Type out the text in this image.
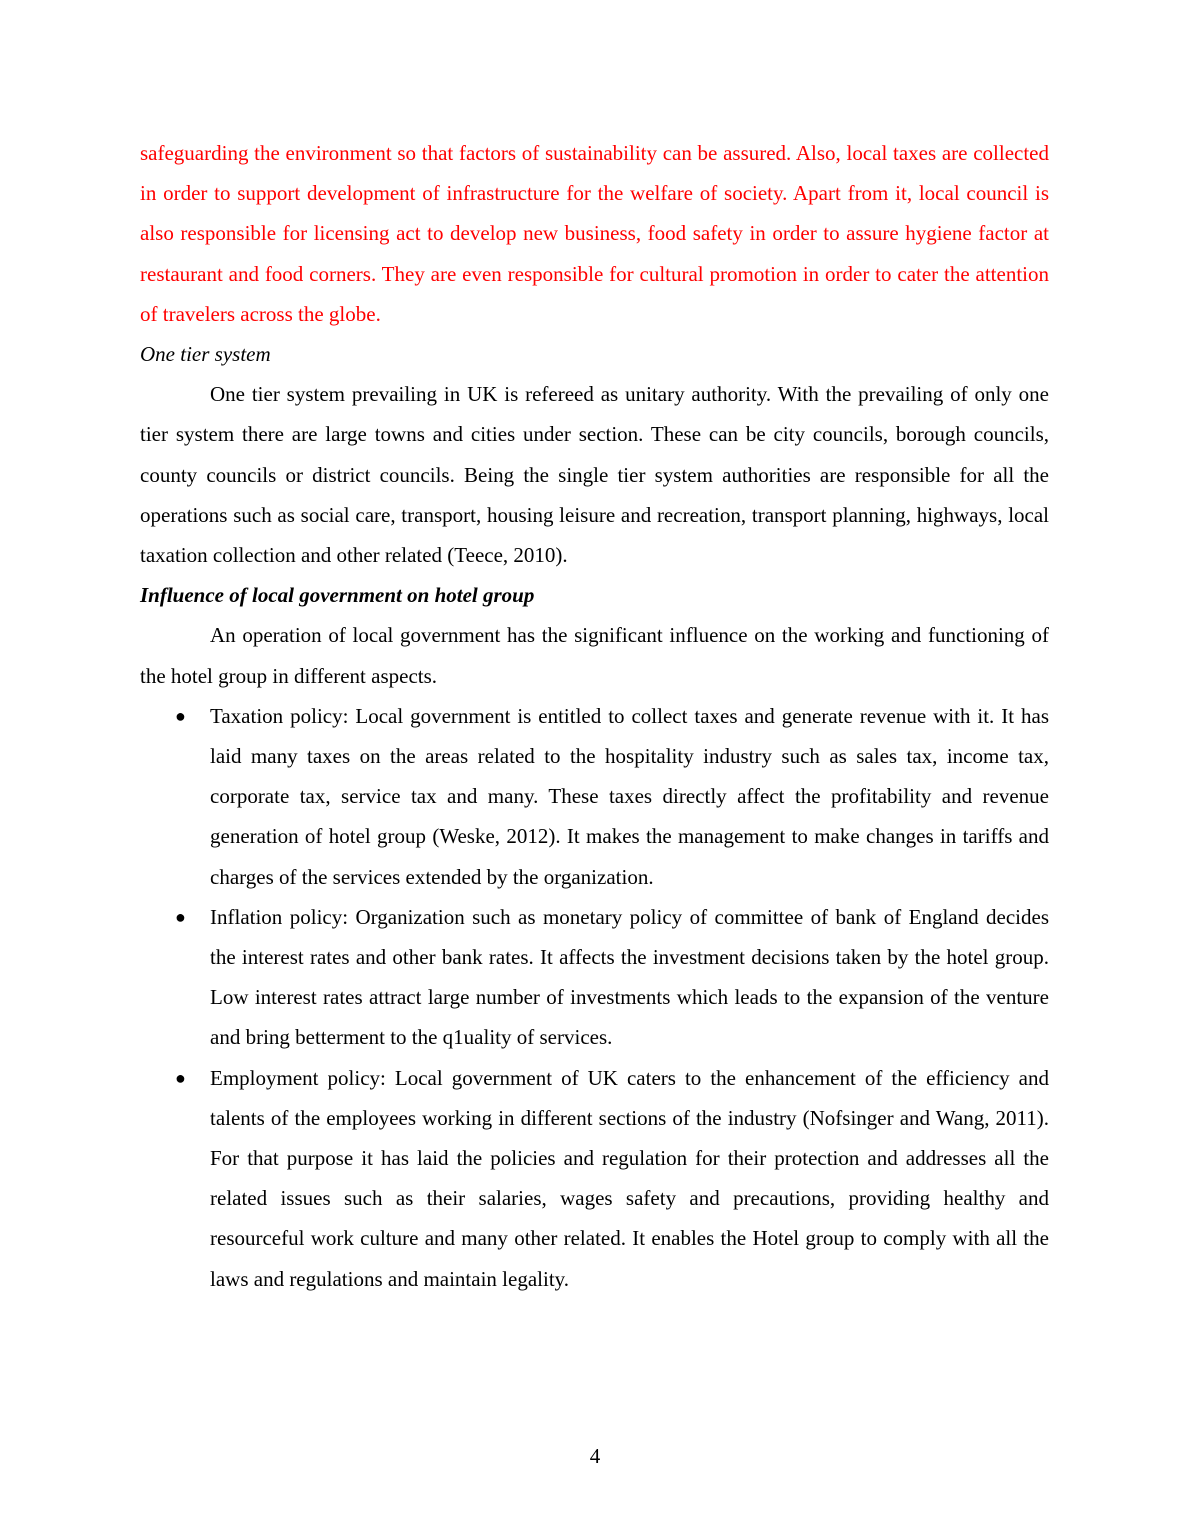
safeguarding the environment so that factors of sustainability can be assured. Also, local taxes are collected in order to support development of infrastructure for the welfare of society. Apart from it, local council is also responsible for licensing act to develop new business, food safety in order to assure hygiene factor at restaurant and food corners. They are even responsible for cultural promotion in order to cater the attention of travelers across the globe.

One tier system

One tier system prevailing in UK is refereed as unitary authority. With the prevailing of only one tier system there are large towns and cities under section. These can be city councils, borough councils, county councils or district councils. Being the single tier system authorities are responsible for all the operations such as social care, transport, housing leisure and recreation, transport planning, highways, local taxation collection and other related (Teece, 2010).

Influence of local government on hotel group

An operation of local government has the significant influence on the working and functioning of the hotel group in different aspects.

● Taxation policy: Local government is entitled to collect taxes and generate revenue with it. It has laid many taxes on the areas related to the hospitality industry such as sales tax, income tax, corporate tax, service tax and many. These taxes directly affect the profitability and revenue generation of hotel group (Weske, 2012). It makes the management to make changes in tariffs and charges of the services extended by the organization.
● Inflation policy: Organization such as monetary policy of committee of bank of England decides the interest rates and other bank rates. It affects the investment decisions taken by the hotel group. Low interest rates attract large number of investments which leads to the expansion of the venture and bring betterment to the q1uality of services.
● Employment policy: Local government of UK caters to the enhancement of the efficiency and talents of the employees working in different sections of the industry (Nofsinger and Wang, 2011). For that purpose it has laid the policies and regulation for their protection and addresses all the related issues such as their salaries, wages safety and precautions, providing healthy and resourceful work culture and many other related. It enables the Hotel group to comply with all the laws and regulations and maintain legality.
4
